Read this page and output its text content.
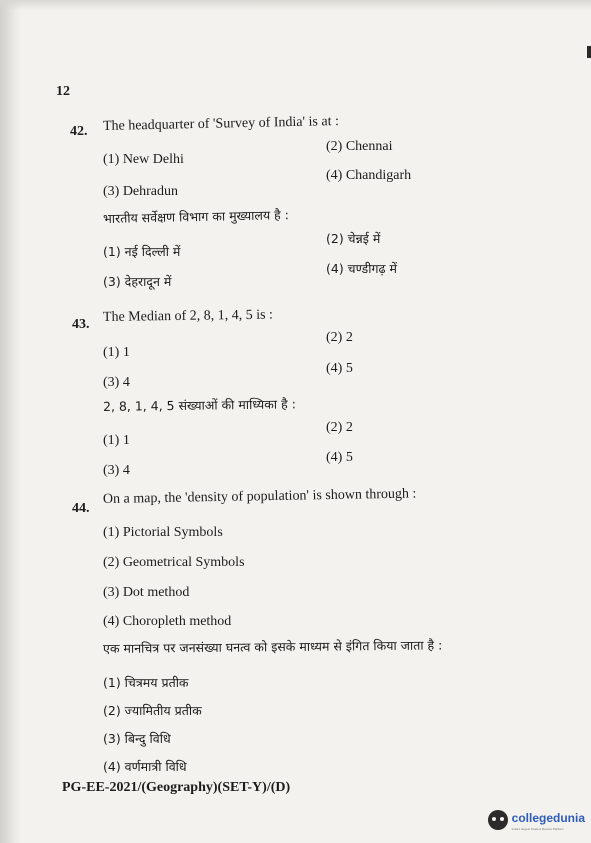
12
42. The headquarter of 'Survey of India' is at :
(1) New Delhi
(2) Chennai
(3) Dehradun
(4) Chandigarh
भारतीय सर्वेक्षण विभाग का मुख्यालय है :
(1) नई दिल्ली में
(2) चेन्नई में
(3) देहरादून में
(4) चण्डीगढ़ में
43. The Median of 2, 8, 1, 4, 5 is :
(1) 1
(2) 2
(3) 4
(4) 5
2, 8, 1, 4, 5 संख्याओं की माध्यिका है :
(1) 1
(2) 2
(3) 4
(4) 5
44.
On a map, the 'density of population' is shown through :
(1) Pictorial Symbols
(2) Geometrical Symbols
(3) Dot method
(4) Choropleth method
एक मानचित्र पर जनसंख्या घनत्व को इसके माध्यम से इंगित किया जाता है :
(1) चित्रमय प्रतीक
(2) ज्यामितीय प्रतीक
(3) बिन्दु विधि
(4) वर्णमात्री विधि
PG-EE-2021/(Geography)(SET-Y)/(D)
collegedunia
India's largest Student Review Platform
